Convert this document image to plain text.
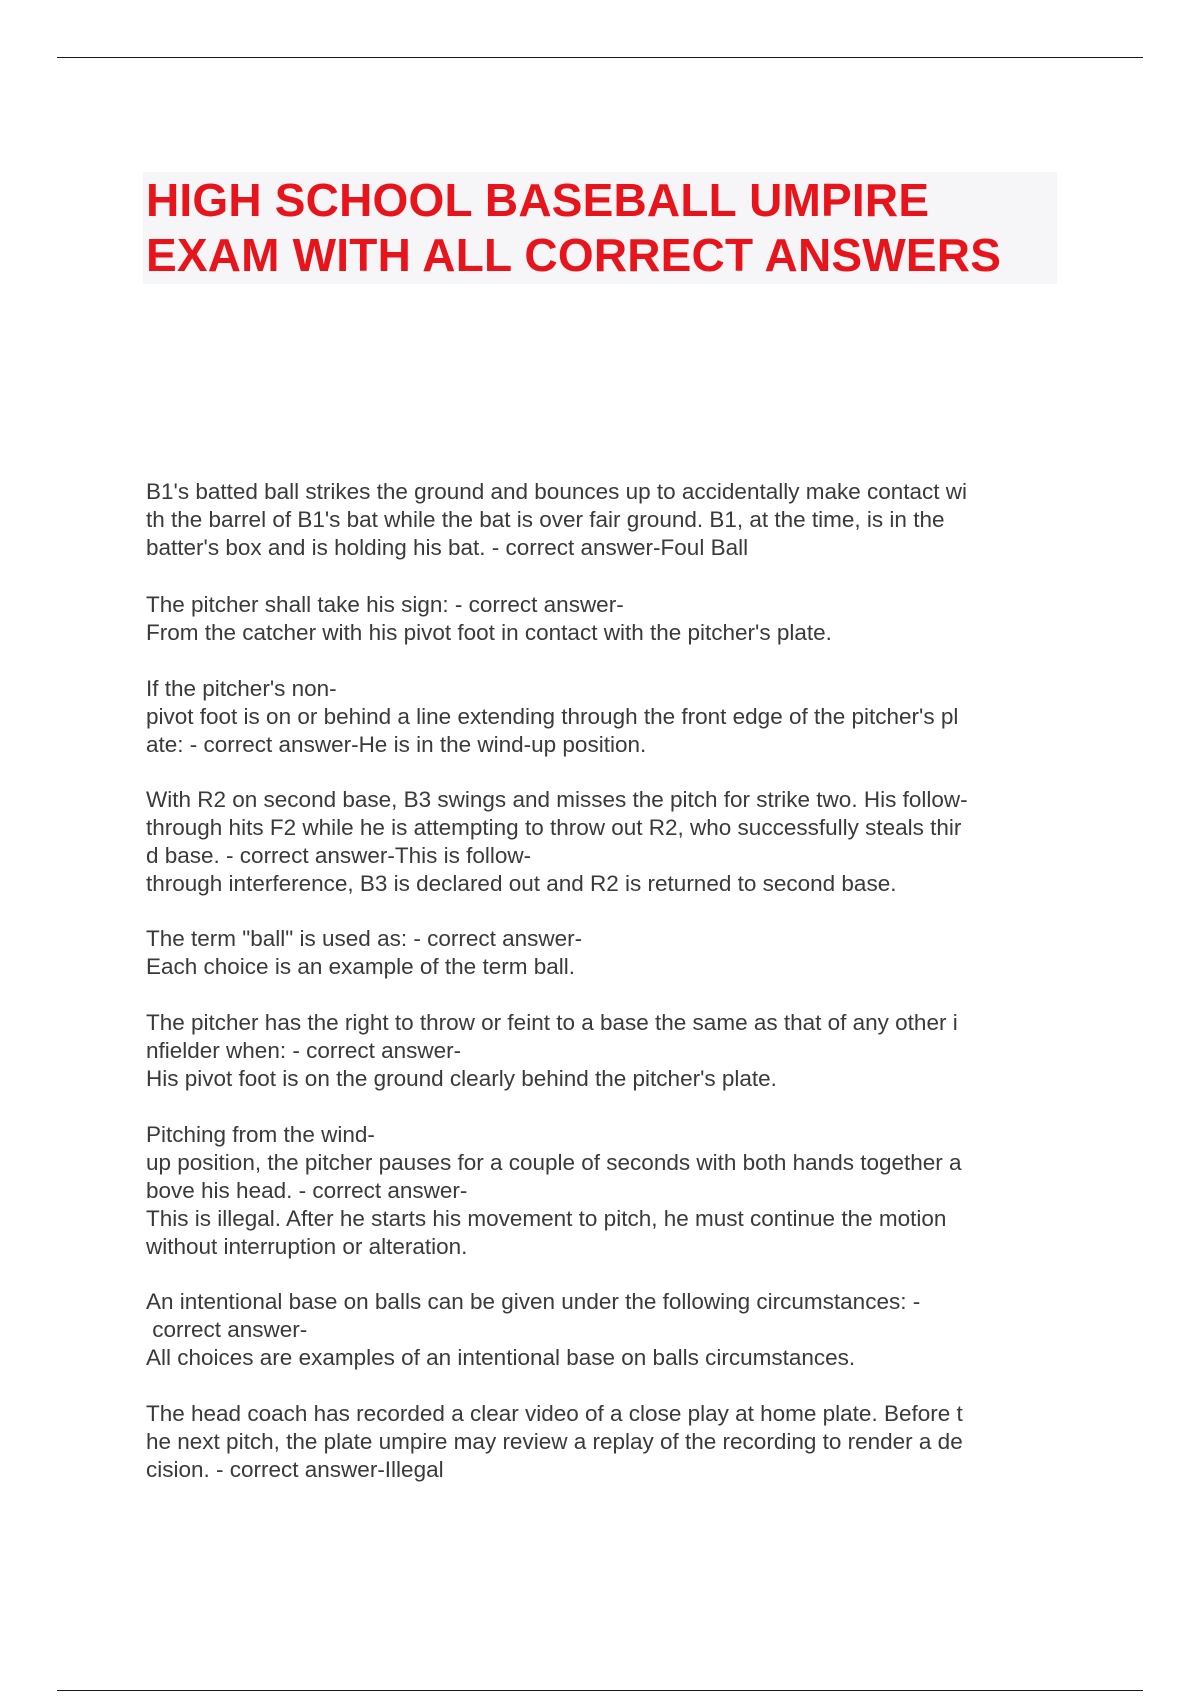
HIGH SCHOOL BASEBALL UMPIRE
EXAM WITH ALL CORRECT ANSWERS
B1's batted ball strikes the ground and bounces up to accidentally make contact wi
th the barrel of B1's bat while the bat is over fair ground. B1, at the time, is in the
batter's box and is holding his bat. - correct answer-Foul Ball
The pitcher shall take his sign: - correct answer-
From the catcher with his pivot foot in contact with the pitcher's plate.
If the pitcher's non-
pivot foot is on or behind a line extending through the front edge of the pitcher's pl
ate: - correct answer-He is in the wind-up position.
With R2 on second base, B3 swings and misses the pitch for strike two. His follow-
through hits F2 while he is attempting to throw out R2, who successfully steals thir
d base. - correct answer-This is follow-
through interference, B3 is declared out and R2 is returned to second base.
The term "ball" is used as: - correct answer-
Each choice is an example of the term ball.
The pitcher has the right to throw or feint to a base the same as that of any other i
nfielder when: - correct answer-
His pivot foot is on the ground clearly behind the pitcher's plate.
Pitching from the wind-
up position, the pitcher pauses for a couple of seconds with both hands together a
bove his head. - correct answer-
This is illegal. After he starts his movement to pitch, he must continue the motion
without interruption or alteration.
An intentional base on balls can be given under the following circumstances: -
correct answer-
All choices are examples of an intentional base on balls circumstances.
The head coach has recorded a clear video of a close play at home plate. Before t
he next pitch, the plate umpire may review a replay of the recording to render a de
cision. - correct answer-Illegal
